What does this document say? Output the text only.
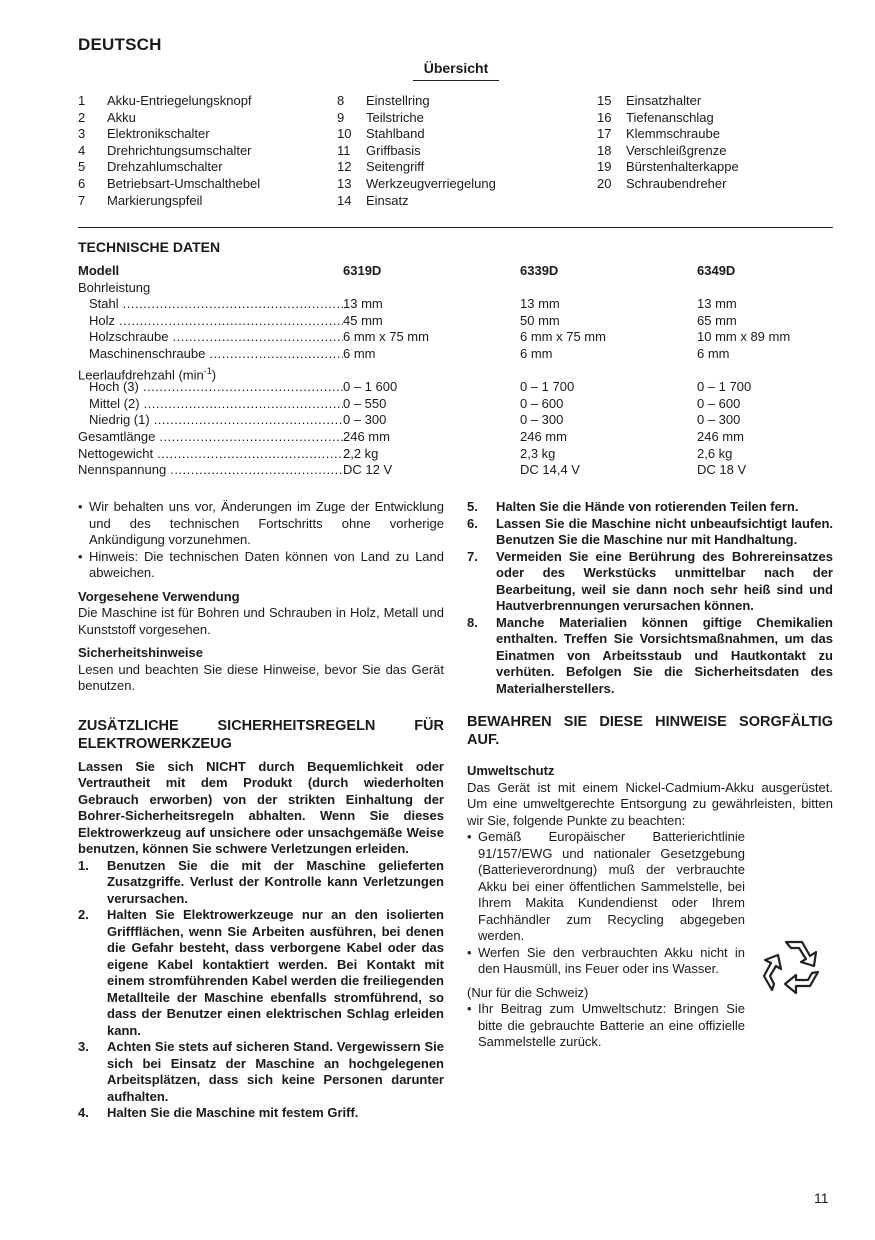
DEUTSCH
Übersicht
1	Akku-Entriegelungsknopf
2	Akku
3	Elektronikschalter
4	Drehrichtungsumschalter
5	Drehzahlumschalter
6	Betriebsart-Umschalthebel
7	Markierungspfeil
8	Einstellring
9	Teilstriche
10	Stahlband
11	Griffbasis
12	Seitengriff
13	Werkzeugverriegelung
14	Einsatz
15	Einsatzhalter
16	Tiefenanschlag
17	Klemmschraube
18	Verschleißgrenze
19	Bürstenhalterkappe
20	Schraubendreher
TECHNISCHE DATEN
Modell	6319D	6339D	6349D
Bohrleistung
Stahl .....	13 mm	13 mm	13 mm
Holz .....	45 mm	50 mm	65 mm
Holzschraube .....	6 mm x 75 mm	6 mm x 75 mm	10 mm x 89 mm
Maschinenschraube .....	6 mm	6 mm	6 mm
Leerlaufdrehzahl $(\min^{-1})$
Hoch (3) .....	0 – 1 600	0 – 1 700	0 – 1 700
Mittel (2) .....	0 – 550	0 – 600	0 – 600
Niedrig (1) .....	0 – 300	0 – 300	0 – 300
Gesamtlänge .....	246 mm	246 mm	246 mm
Nettogewicht .....	2,2 kg	2,3 kg	2,6 kg
Nennspannung .....	DC 12 V	DC 14,4 V	DC 18 V
• Wir behalten uns vor, Änderungen im Zuge der Entwicklung und des technischen Fortschritts ohne vorherige Ankündigung vorzunehmen.
• Hinweis: Die technischen Daten können von Land zu Land abweichen.
Vorgesehene Verwendung
Die Maschine ist für Bohren und Schrauben in Holz, Metall und Kunststoff vorgesehen.
Sicherheitshinweise
Lesen und beachten Sie diese Hinweise, bevor Sie das Gerät benutzen.
ZUSÄTZLICHE SICHERHEITSREGELN FÜR ELEKTROWERKZEUG
Lassen Sie sich NICHT durch Bequemlichkeit oder Vertrautheit mit dem Produkt (durch wiederholten Gebrauch erworben) von der strikten Einhaltung der Bohrer-Sicherheitsregeln abhalten. Wenn Sie dieses Elektrowerkzeug auf unsichere oder unsachgemäße Weise benutzen, können Sie schwere Verletzungen erleiden.
1.	Benutzen Sie die mit der Maschine gelieferten Zusatzgriffe. Verlust der Kontrolle kann Verletzungen verursachen.
2.	Halten Sie Elektrowerkzeuge nur an den isolierten Griffflächen, wenn Sie Arbeiten ausführen, bei denen die Gefahr besteht, dass verborgene Kabel oder das eigene Kabel kontaktiert werden. Bei Kontakt mit einem stromführenden Kabel werden die freiliegenden Metallteile der Maschine ebenfalls stromführend, so dass der Benutzer einen elektrischen Schlag erleiden kann.
3.	Achten Sie stets auf sicheren Stand. Vergewissern Sie sich bei Einsatz der Maschine an hochgelegenen Arbeitsplätzen, dass sich keine Personen darunter aufhalten.
4.	Halten Sie die Maschine mit festem Griff.
5.	Halten Sie die Hände von rotierenden Teilen fern.
6.	Lassen Sie die Maschine nicht unbeaufsichtigt laufen. Benutzen Sie die Maschine nur mit Handhaltung.
7.	Vermeiden Sie eine Berührung des Bohrereinsatzes oder des Werkstücks unmittelbar nach der Bearbeitung, weil sie dann noch sehr heiß sind und Hautverbrennungen verursachen können.
8.	Manche Materialien können giftige Chemikalien enthalten. Treffen Sie Vorsichtsmaßnahmen, um das Einatmen von Arbeitsstaub und Hautkontakt zu verhüten. Befolgen Sie die Sicherheitsdaten des Materialherstellers.
BEWAHREN SIE DIESE HINWEISE SORGFÄLTIG AUF.
Umweltschutz
Das Gerät ist mit einem Nickel-Cadmium-Akku ausgerüstet. Um eine umweltgerechte Entsorgung zu gewährleisten, bitten wir Sie, folgende Punkte zu beachten:
• Gemäß Europäischer Batterierichtlinie 91/157/EWG und nationaler Gesetzgebung (Batterieverordnung) muß der verbrauchte Akku bei einer öffentlichen Sammelstelle, bei Ihrem Makita Kundendienst oder Ihrem Fachhändler zum Recycling abgegeben werden.
• Werfen Sie den verbrauchten Akku nicht in den Hausmüll, ins Feuer oder ins Wasser.
(Nur für die Schweiz)
• Ihr Beitrag zum Umweltschutz: Bringen Sie bitte die gebrauchte Batterie an eine offizielle Sammelstelle zurück.
11
